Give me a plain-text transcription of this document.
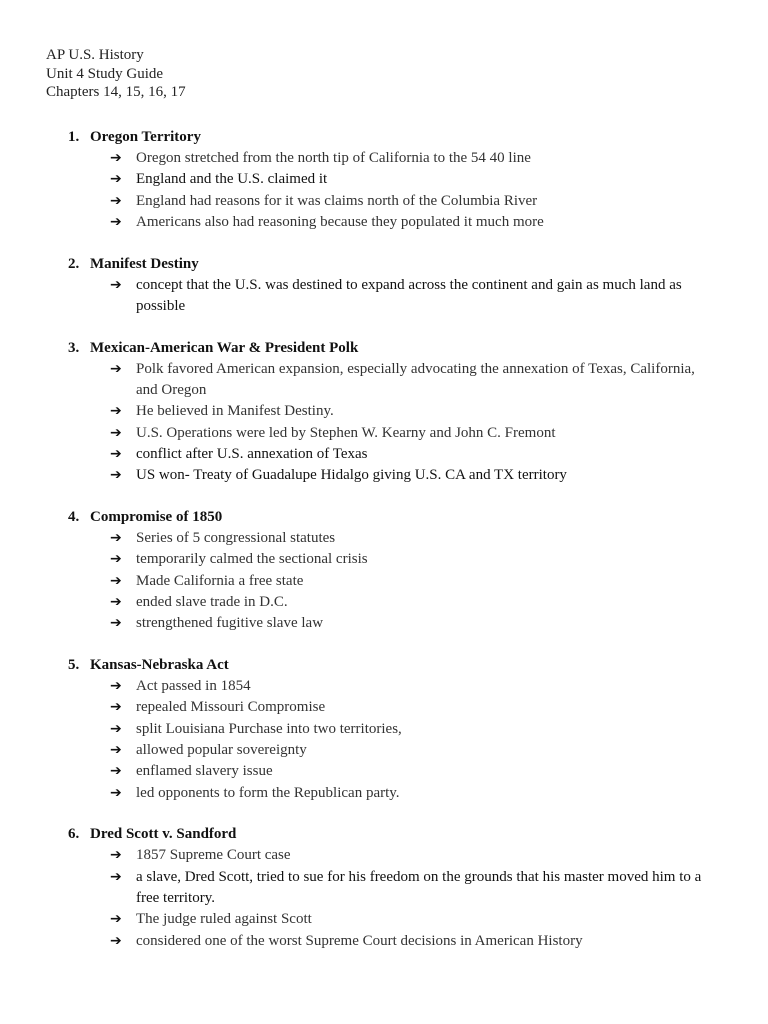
AP U.S. History
Unit 4 Study Guide
Chapters 14, 15, 16, 17
1. Oregon Territory
➔ Oregon stretched from the north tip of California to the 54 40 line
➔ England and the U.S. claimed it
➔ England had reasons for it was claims north of the Columbia River
➔ Americans also had reasoning because they populated it much more
2. Manifest Destiny
➔ concept that the U.S. was destined to expand across the continent and gain as much land as possible
3. Mexican-American War & President Polk
➔ Polk favored American expansion, especially advocating the annexation of Texas, California, and Oregon
➔ He believed in Manifest Destiny.
➔ U.S. Operations were led by Stephen W. Kearny and John C. Fremont
➔ conflict after U.S. annexation of Texas
➔ US won- Treaty of Guadalupe Hidalgo giving U.S. CA and TX territory
4. Compromise of 1850
➔ Series of 5 congressional statutes
➔ temporarily calmed the sectional crisis
➔ Made California a free state
➔ ended slave trade in D.C.
➔ strengthened fugitive slave law
5. Kansas-Nebraska Act
➔ Act passed in 1854
➔ repealed Missouri Compromise
➔ split Louisiana Purchase into two territories,
➔ allowed popular sovereignty
➔ enflamed slavery issue
➔ led opponents to form the Republican party.
6. Dred Scott v. Sandford
➔ 1857 Supreme Court case
➔ a slave, Dred Scott, tried to sue for his freedom on the grounds that his master moved him to a free territory.
➔ The judge ruled against Scott
➔ considered one of the worst Supreme Court decisions in American History
